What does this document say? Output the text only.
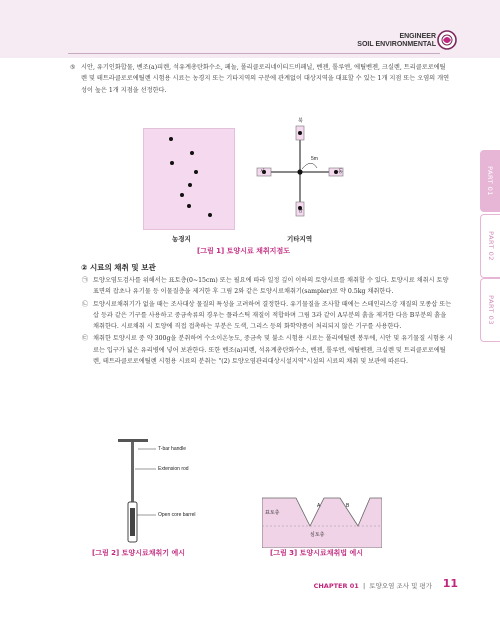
ENGINEER
SOIL ENVIRONMENTAL
PART 01
PART 02
PART 03

⑤ 시안, 유기인화합물, 벤조(a)피렌, 석유계총탄화수소, 페놀, 폴리클로리네이티드비페닐, 벤젠, 톨루엔, 에틸벤젠, 크실렌, 트리클로로에틸렌 및 테트라클로로에틸렌 시험용 시료는 농경지 또는 기타지역의 구분에 관계없이 대상지역을 대표할 수 있는 1개 지점 또는 오염의 개연성이 높은 1개 지점을 선정한다.

농경지
북
남
서	동
5m
기타지역
[그림 1] 토양시료 채취지점도
② 시료의 채취 및 보관

㉠ 토양오염도검사를 위해서는 표토층(0~15cm) 또는 필요에 따라 일정 깊이 이하의 토양시료를 채취할 수 있다. 토양시료 채취시 토양표면의 잡초나 유기물 등 이물질층을 제거한 후 그림 2와 같은 토양시료채취기(sampler)로 약 0.5kg 채취한다.

㉡ 토양시료채취기가 없을 때는 조사대상 물질의 특성을 고려하여 결정한다. 유기물질을 조사할 때에는 스테인리스강 재질의 모종삽 또는 삽 등과 같은 기구를 사용하고 중금속류의 경우는 플라스틱 재질이 적합하며 그림 3과 같이 A부분의 흙을 제거한 다음 B부분의 흙을 채취한다. 시료채취 시 토양에 직접 접촉하는 부분은 도색, 그리스 등의 화학약품이 처리되지 않은 기구를 사용한다.

㉢ 채취한 토양시료 중 약 300g을 분취하여 수소이온농도, 중금속 및 불소 시험용 시료는 폴리에틸렌 봉투에, 시안 및 유기물질 시험용 시료는 입구가 넓은 유리병에 넣어 보관한다. 또한 벤조(a)피렌, 석유계총탄화수소, 벤젠, 톨루엔, 에틸벤젠, 크실렌 및 트리클로로에틸렌, 테트라클로로에틸렌 시험용 시료의 분취는 "(2) 토양오염관리대상시설지역"시설의 시료의 채취 및 보관에 따른다.

T-bar handle
Extension rod
Open core barrel
[그림 2] 토양시료채취기 예시
표토층
A	B
심토층
[그림 3] 토양시료채취법 예시
CHAPTER 01  |  토양오염 조사 및 평가 11
